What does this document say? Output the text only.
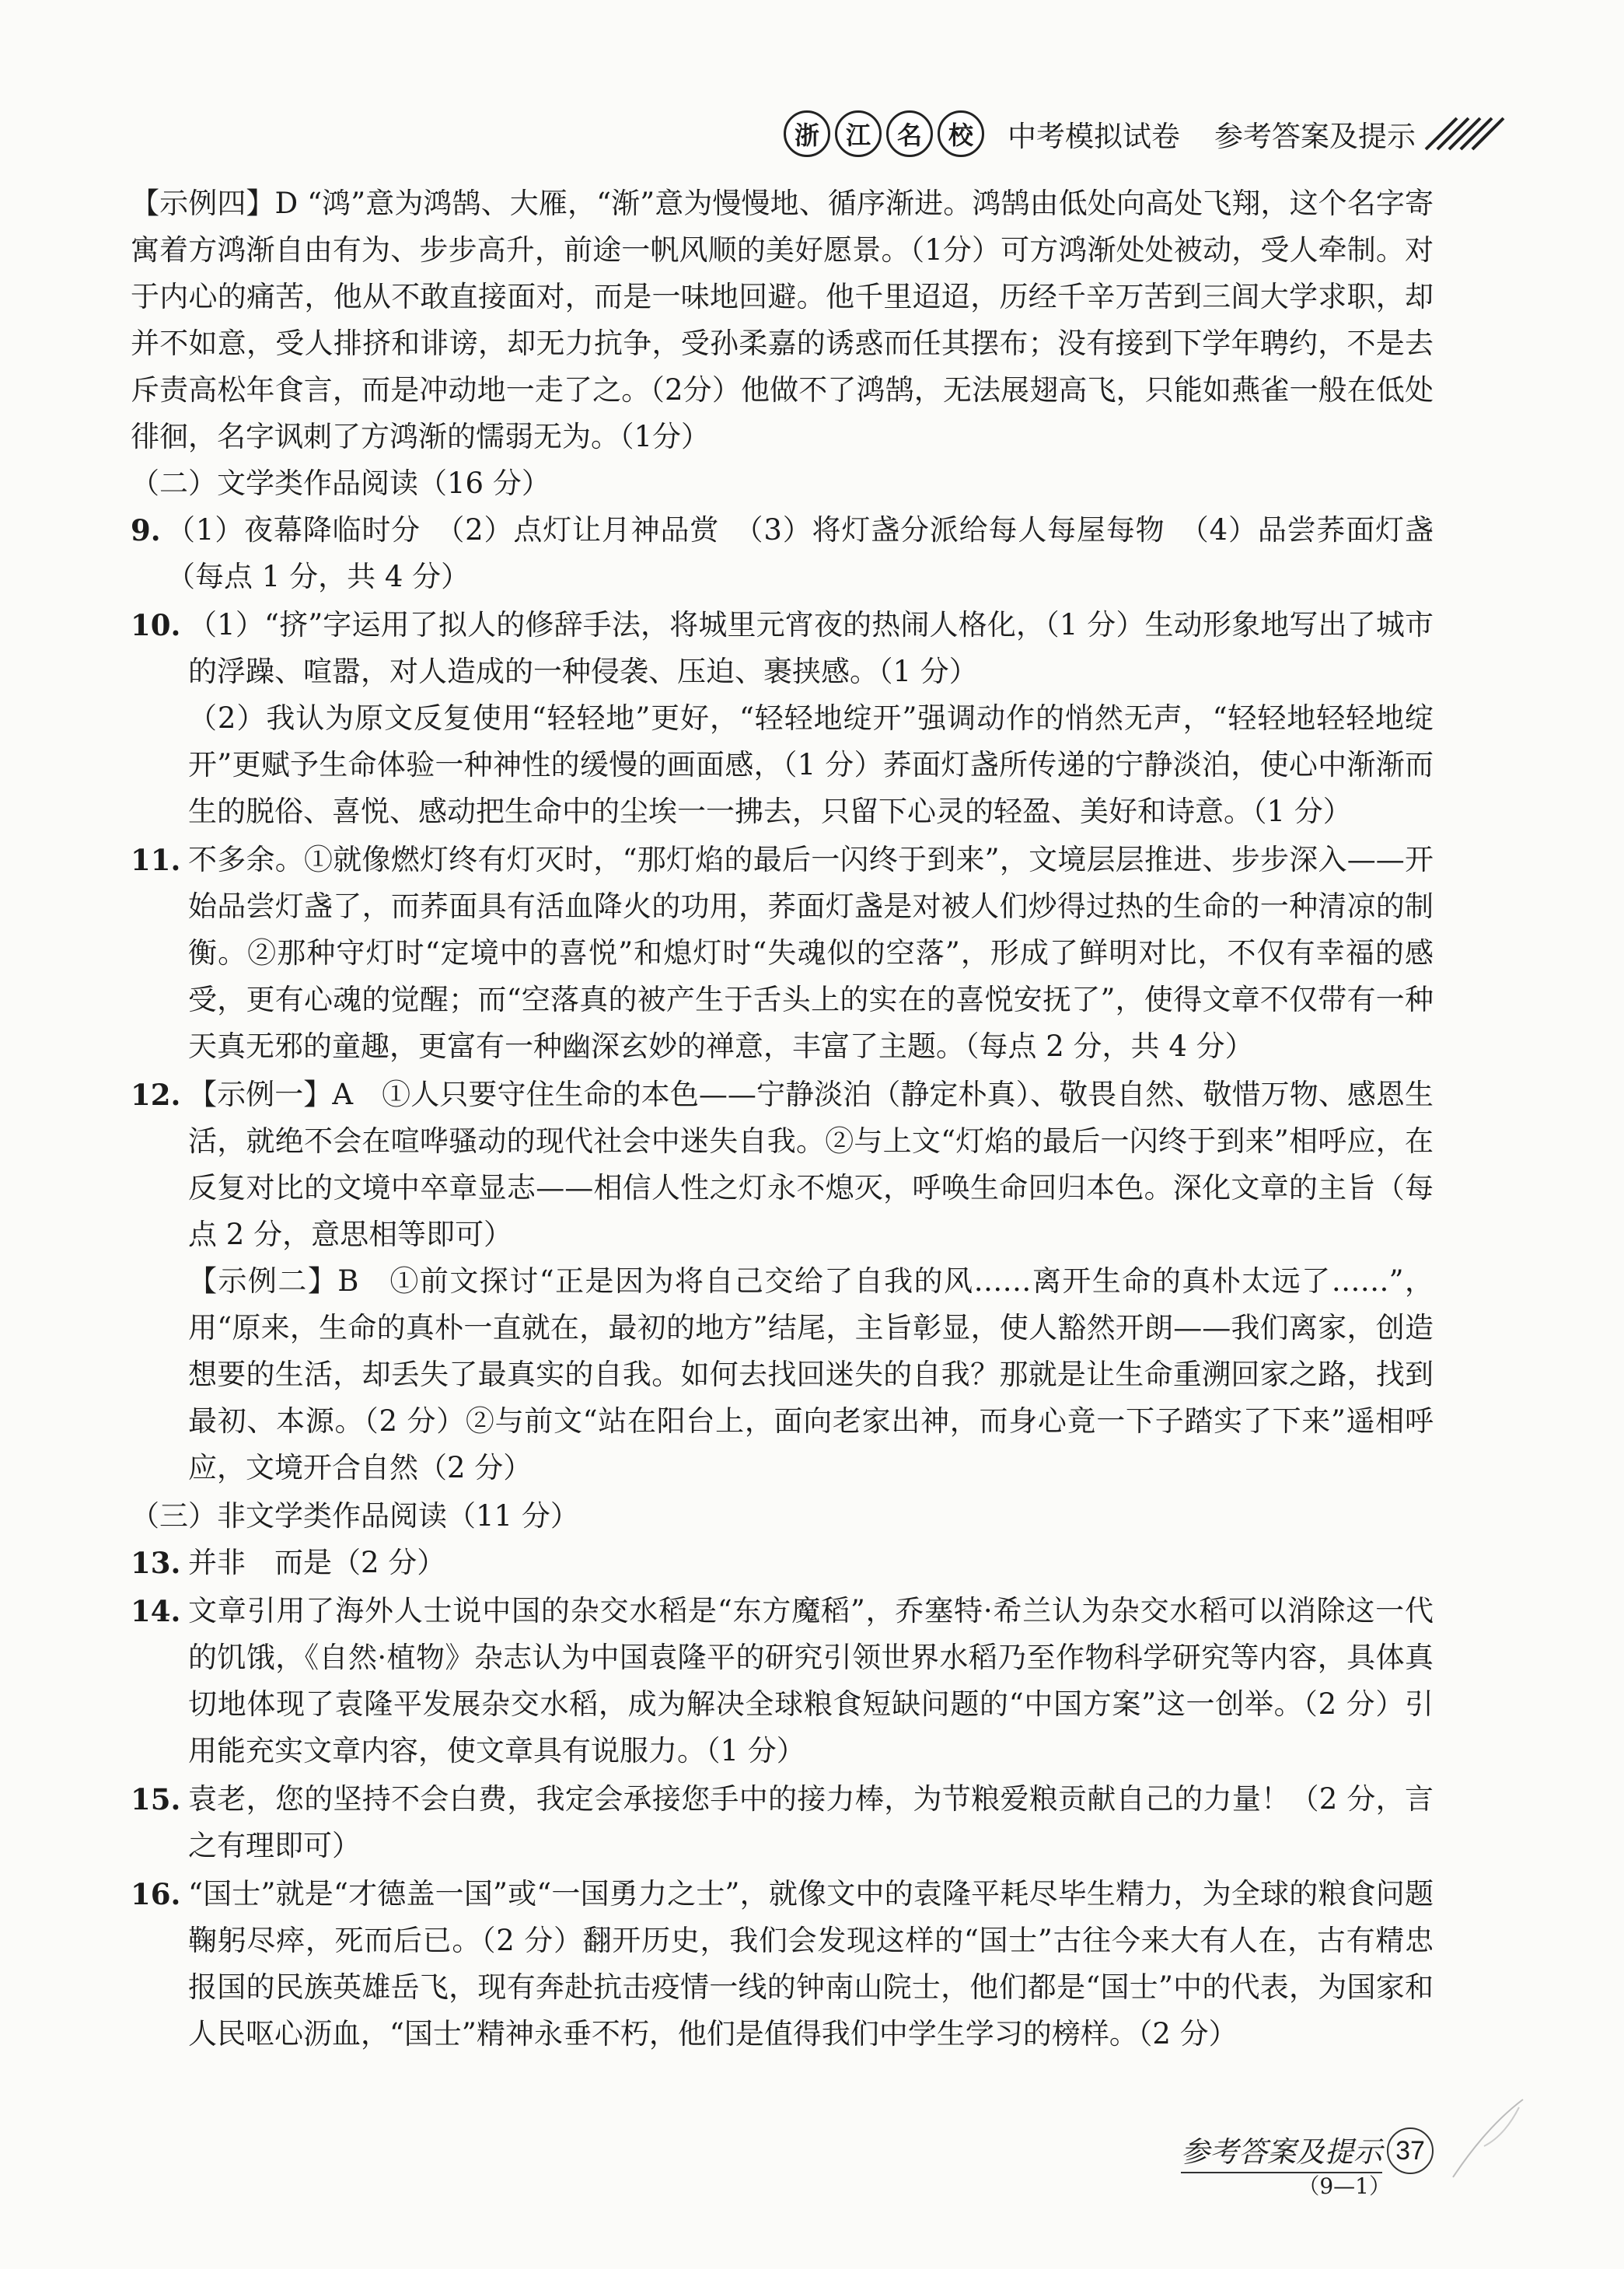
浙	江	名	校	中考模拟试卷 参考答案及提示
【示例四】D “鸿”意为鸿鹄、大雁，“渐”意为慢慢地、循序渐进。鸿鹄由低处向高处飞翔，这个名字寄寓着方鸿渐自由有为、步步高升，前途一帆风顺的美好愿景。（1分）可方鸿渐处处被动，受人牵制。对于内心的痛苦，他从不敢直接面对，而是一味地回避。他千里迢迢，历经千辛万苦到三闾大学求职，却并不如意，受人排挤和诽谤，却无力抗争，受孙柔嘉的诱惑而任其摆布；没有接到下学年聘约，不是去斥责高松年食言，而是冲动地一走了之。（2分）他做不了鸿鹄，无法展翅高飞，只能如燕雀一般在低处徘徊，名字讽刺了方鸿渐的懦弱无为。（1分）
（二）文学类作品阅读（16 分）
9. （1）夜幕降临时分　（2）点灯让月神品赏　（3）将灯盏分派给每人每屋每物　（4）品尝荞面灯盏（每点 1 分，共 4 分）
10. （1）“挤”字运用了拟人的修辞手法，将城里元宵夜的热闹人格化，（1 分）生动形象地写出了城市的浮躁、喧嚣，对人造成的一种侵袭、压迫、裹挟感。（1 分）
（2）我认为原文反复使用“轻轻地”更好，“轻轻地绽开”强调动作的悄然无声，“轻轻地轻轻地绽开”更赋予生命体验一种神性的缓慢的画面感，（1 分）荞面灯盏所传递的宁静淡泊，使心中渐渐而生的脱俗、喜悦、感动把生命中的尘埃一一拂去，只留下心灵的轻盈、美好和诗意。（1 分）
11. 不多余。①就像燃灯终有灯灭时，“那灯焰的最后一闪终于到来”，文境层层推进、步步深入——开始品尝灯盏了，而荞面具有活血降火的功用，荞面灯盏是对被人们炒得过热的生命的一种清凉的制衡。②那种守灯时“定境中的喜悦”和熄灯时“失魂似的空落”，形成了鲜明对比，不仅有幸福的感受，更有心魂的觉醒；而“空落真的被产生于舌头上的实在的喜悦安抚了”，使得文章不仅带有一种天真无邪的童趣，更富有一种幽深玄妙的禅意，丰富了主题。（每点 2 分，共 4 分）
12. 【示例一】A　①人只要守住生命的本色——宁静淡泊（静定朴真）、敬畏自然、敬惜万物、感恩生活，就绝不会在喧哗骚动的现代社会中迷失自我。②与上文“灯焰的最后一闪终于到来”相呼应，在反复对比的文境中卒章显志——相信人性之灯永不熄灭，呼唤生命回归本色。深化文章的主旨（每点 2 分，意思相等即可）
【示例二】B　①前文探讨“正是因为将自己交给了自我的风……离开生命的真朴太远了……”，用“原来，生命的真朴一直就在，最初的地方”结尾，主旨彰显，使人豁然开朗——我们离家，创造想要的生活，却丢失了最真实的自我。如何去找回迷失的自我？那就是让生命重溯回家之路，找到最初、本源。（2 分）②与前文“站在阳台上，面向老家出神，而身心竟一下子踏实了下来”遥相呼应，文境开合自然（2 分）
（三）非文学类作品阅读（11 分）
13. 并非　而是（2 分）
14. 文章引用了海外人士说中国的杂交水稻是“东方魔稻”，乔塞特·希兰认为杂交水稻可以消除这一代的饥饿，《自然·植物》杂志认为中国袁隆平的研究引领世界水稻乃至作物科学研究等内容，具体真切地体现了袁隆平发展杂交水稻，成为解决全球粮食短缺问题的“中国方案”这一创举。（2 分）引用能充实文章内容，使文章具有说服力。（1 分）
15. 袁老，您的坚持不会白费，我定会承接您手中的接力棒，为节粮爱粮贡献自己的力量！（2 分，言之有理即可）
16. “国士”就是“才德盖一国”或“一国勇力之士”，就像文中的袁隆平耗尽毕生精力，为全球的粮食问题鞠躬尽瘁，死而后已。（2 分）翻开历史，我们会发现这样的“国士”古往今来大有人在，古有精忠报国的民族英雄岳飞，现有奔赴抗击疫情一线的钟南山院士，他们都是“国士”中的代表，为国家和人民呕心沥血，“国士”精神永垂不朽，他们是值得我们中学生学习的榜样。（2 分）
参考答案及提示 37
（9—1）
